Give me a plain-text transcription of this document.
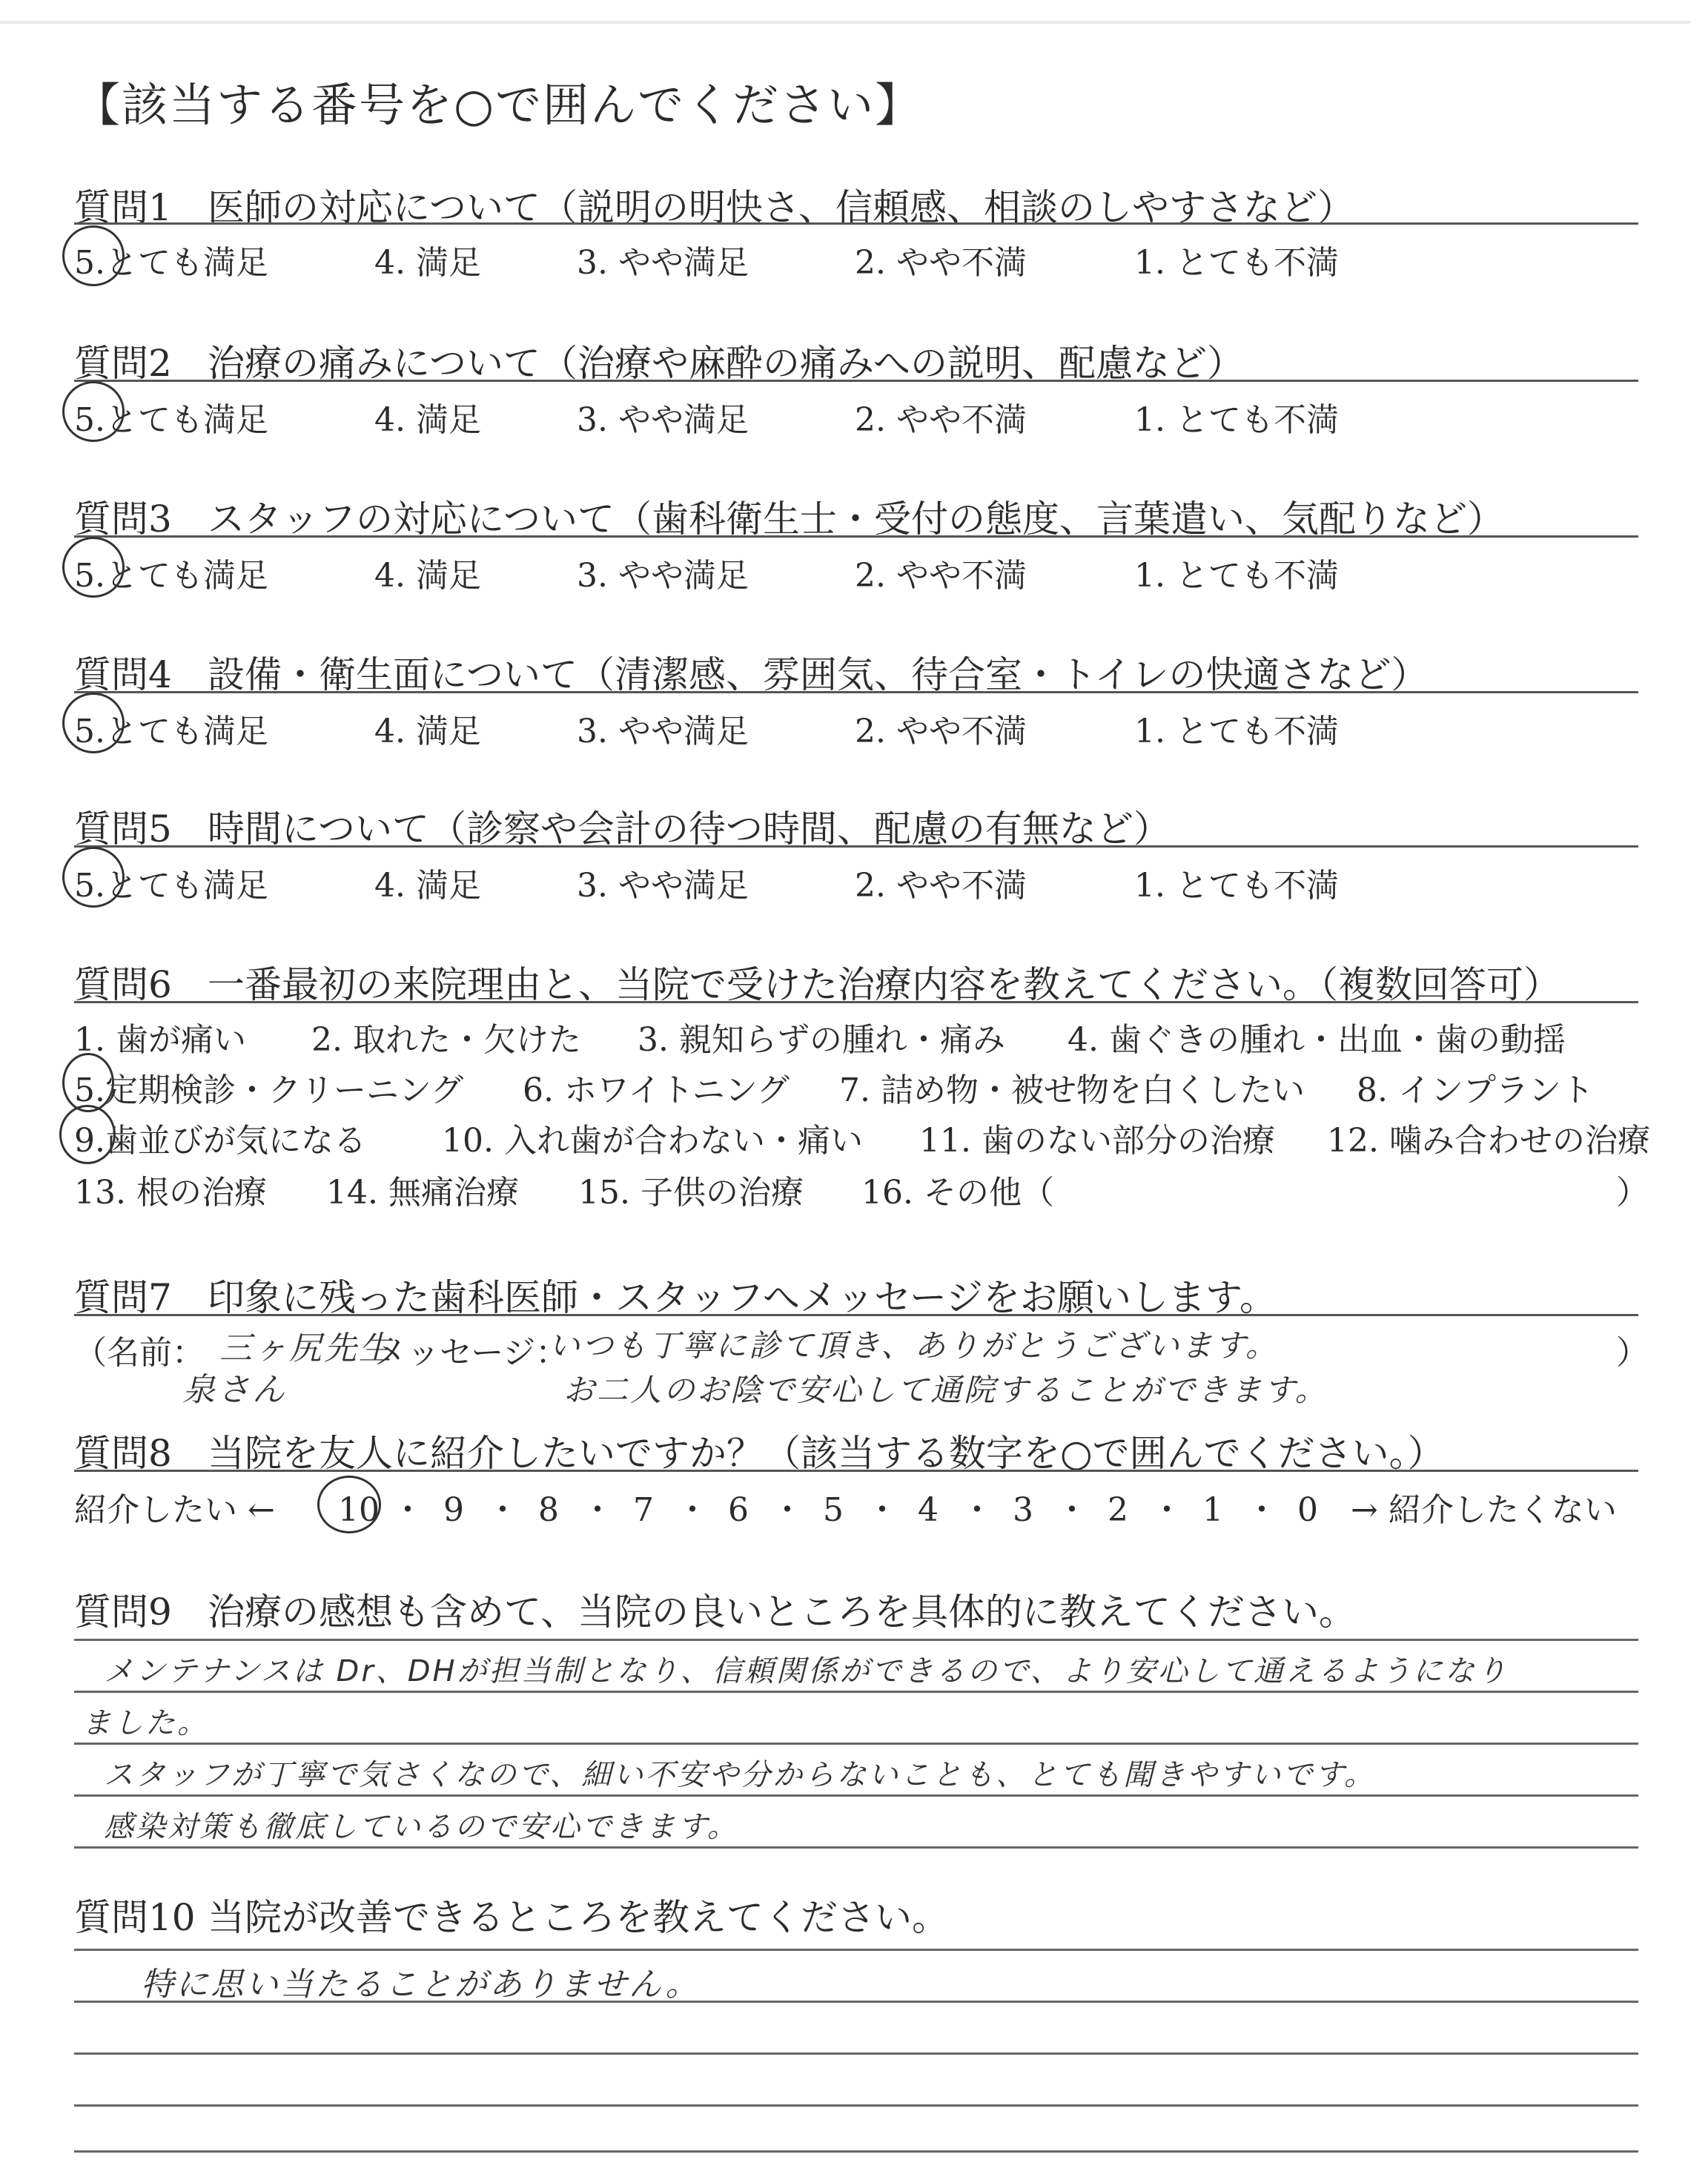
【該当する番号を○で囲んでください】
質問1 医師の対応について（説明の明快さ、信頼感、相談のしやすさなど）
5.とても満足	4. 満足	3. やや満足	2. やや不満	1. とても不満
質問2 治療の痛みについて（治療や麻酔の痛みへの説明、配慮など）
5.とても満足	4. 満足	3. やや満足	2. やや不満	1. とても不満
質問3 スタッフの対応について（歯科衛生士・受付の態度、言葉遣い、気配りなど）
5.とても満足	4. 満足	3. やや満足	2. やや不満	1. とても不満
質問4 設備・衛生面について（清潔感、雰囲気、待合室・トイレの快適さなど）
5.とても満足	4. 満足	3. やや満足	2. やや不満	1. とても不満
質問5 時間について（診察や会計の待つ時間、配慮の有無など）
5.とても満足	4. 満足	3. やや満足	2. やや不満	1. とても不満
質問6 一番最初の来院理由と、当院で受けた治療内容を教えてください。（複数回答可）
1. 歯が痛い 2. 取れた・欠けた 3. 親知らずの腫れ・痛み 4. 歯ぐきの腫れ・出血・歯の動揺
5.定期検診・クリーニング 6. ホワイトニング 7. 詰め物・被せ物を白くしたい 8. インプラント
9.歯並びが気になる 10. 入れ歯が合わない・痛い 11. 歯のない部分の治療 12. 噛み合わせの治療
13. 根の治療 14. 無痛治療 15. 子供の治療 16. その他（	）
質問7 印象に残った歯科医師・スタッフへメッセージをお願いします。
（名前： 三ヶ尻先生
泉さん
メッセージ：
いつも丁寧に診て頂き、ありがとうございます。
お二人のお陰で安心して通院することができます。
）
質問8 当院を友人に紹介したいですか？（該当する数字を○で囲んでください。）
紹介したい ←	10 ・ 9 ・ 8 ・ 7 ・ 6 ・ 5 ・ 4 ・ 3 ・ 2 ・ 1 ・ 0	→ 紹介したくない
質問9 治療の感想も含めて、当院の良いところを具体的に教えてください。
メンテナンスは Dr、DHが担当制となり、信頼関係ができるので、より安心して通えるようになり
ました。
スタッフが丁寧で気さくなので、細い不安や分からないことも、とても聞きやすいです。
感染対策も徹底しているので安心できます。
質問10 当院が改善できるところを教えてください。
特に思い当たることがありません。
